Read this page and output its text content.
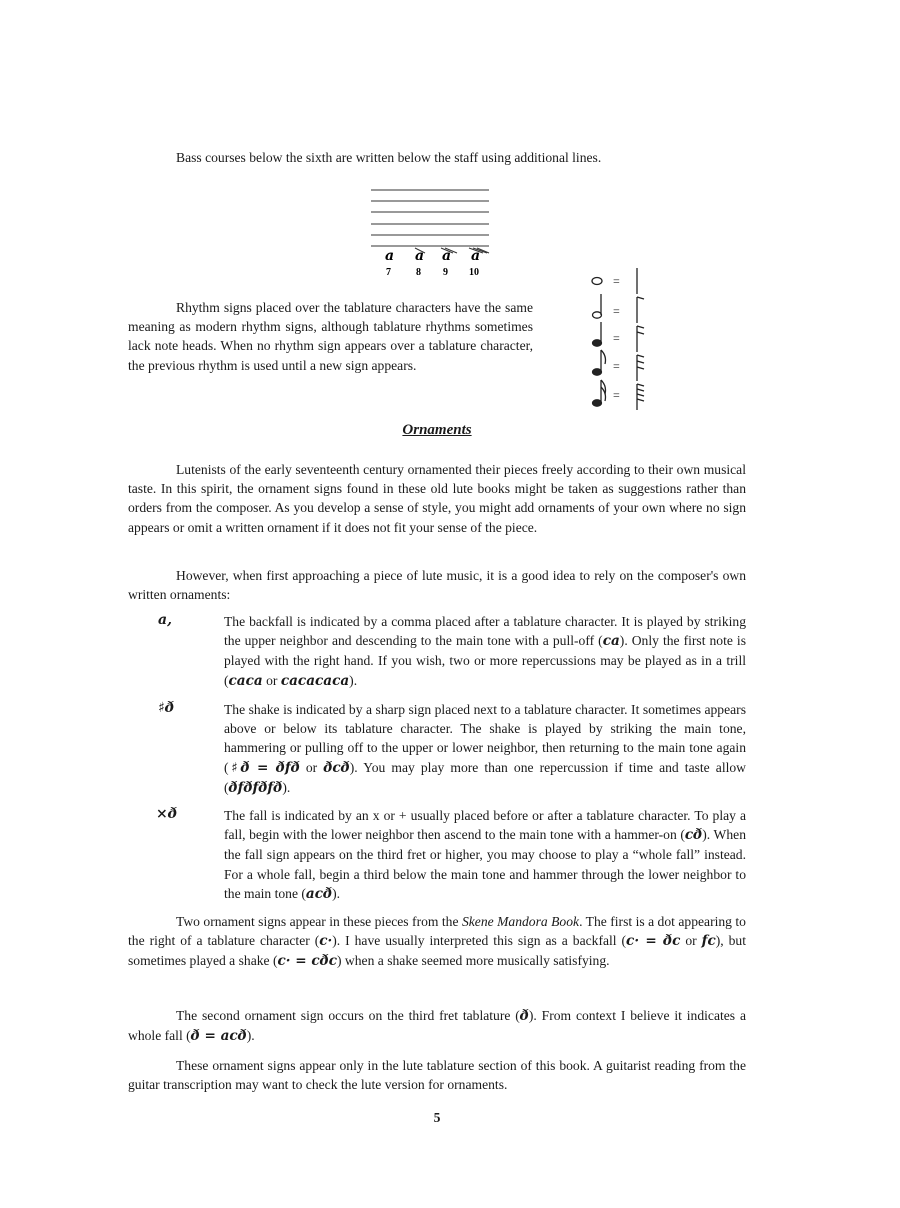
Bass courses below the sixth are written below the staff using additional lines.
a a a a
7	8 9 10
Rhythm signs placed over the tablature characters have the same meaning as modern rhythm signs, although tablature rhythms sometimes lack note heads. When no rhythm sign appears over a tablature character, the previous rhythm is used until a new sign appears.
=
=
=
=
=
Ornaments
Lutenists of the early seventeenth century ornamented their pieces freely according to their own musical taste. In this spirit, the ornament signs found in these old lute books might be taken as suggestions rather than orders from the composer. As you develop a sense of style, you might add ornaments of your own where no sign appears or omit a written ornament if it does not fit your sense of the piece.
However, when first approaching a piece of lute music, it is a good idea to rely on the composer's own written ornaments:
a,	The backfall is indicated by a comma placed after a tablature character. It is played by striking the upper neighbor and descending to the main tone with a pull-off (ca). Only the first note is played with the right hand. If you wish, two or more repercussions may be played as in a trill (caca or cacacaca).
♯ð	The shake is indicated by a sharp sign placed next to a tablature character. It sometimes appears above or below its tablature character. The shake is played by striking the main tone, hammering or pulling off to the upper or lower neighbor, then returning to the main tone again (♯ð = ðfð or ðcð). You may play more than one repercussion if time and taste allow (ðfðfðfð).
×ð	The fall is indicated by an x or + usually placed before or after a tablature character. To play a fall, begin with the lower neighbor then ascend to the main tone with a hammer-on (cð). When the fall sign appears on the third fret or higher, you may choose to play a “whole fall” instead. For a whole fall, begin a third below the main tone and hammer through the lower neighbor to the main tone (acð).
Two ornament signs appear in these pieces from the Skene Mandora Book. The first is a dot appearing to the right of a tablature character (c·). I have usually interpreted this sign as a backfall (c· = ðc or fc), but sometimes played a shake (c· = cðc) when a shake seemed more musically satisfying.
The second ornament sign occurs on the third fret tablature (ð). From context I believe it indicates a whole fall (ð = acð).
These ornament signs appear only in the lute tablature section of this book. A guitarist reading from the guitar transcription may want to check the lute version for ornaments.
5
